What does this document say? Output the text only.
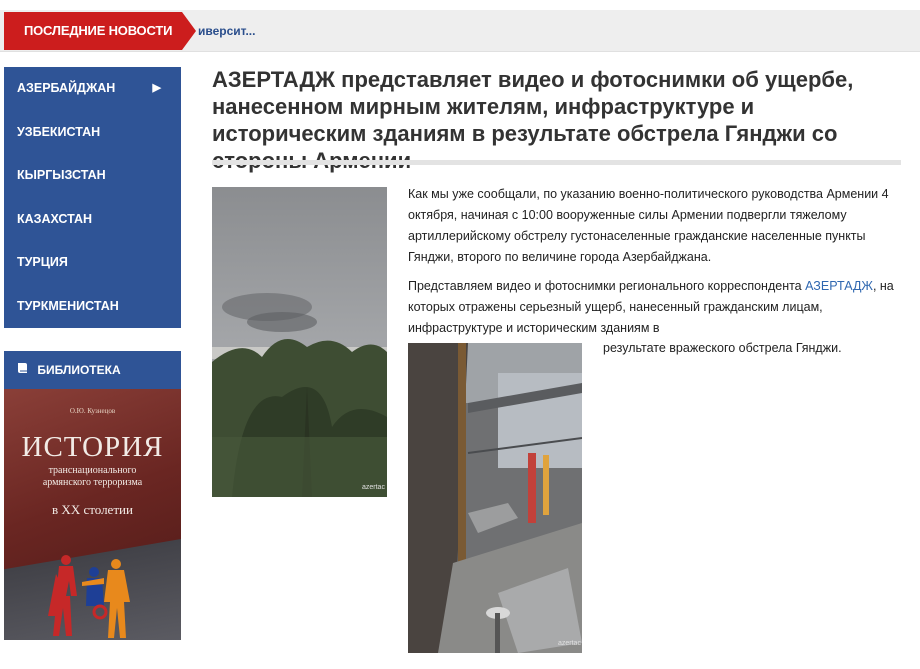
ПОСЛЕДНИЕ НОВОСТИ	иверсит...
АЗЕРБАЙДЖАН	▶
УЗБЕКИСТАН
КЫРГЫЗСТАН
КАЗАХСТАН
ТУРЦИЯ
ТУРКМЕНИСТАН
БИБЛИОТЕКА
О.Ю. Кузнецов
ИСТОРИЯ
транснационального
армянского терроризма
в XX столетии
АЗЕРТАДЖ представляет видео и фотоснимки об ущербе, нанесенном мирным жителям, инфраструктуре и историческим зданиям в результате обстрела Гянджи со
azertac
azertac

Как мы уже сообщали, по указанию военно-политического руководства Армении 4 октября, начиная с 10:00 вооруженные силы Армении подвергли тяжелому артиллерийскому обстрелу густонаселенные гражданские населенные пункты Гянджи, второго по величине города Азербайджана.

Представляем видео и фотоснимки регионального корреспондента АЗЕРТАДЖ, на которых отражены серьезный ущерб, нанесенный гражданским лицам, инфраструктуре и историческим зданиям в

результате вражеского обстрела Гянджи.
